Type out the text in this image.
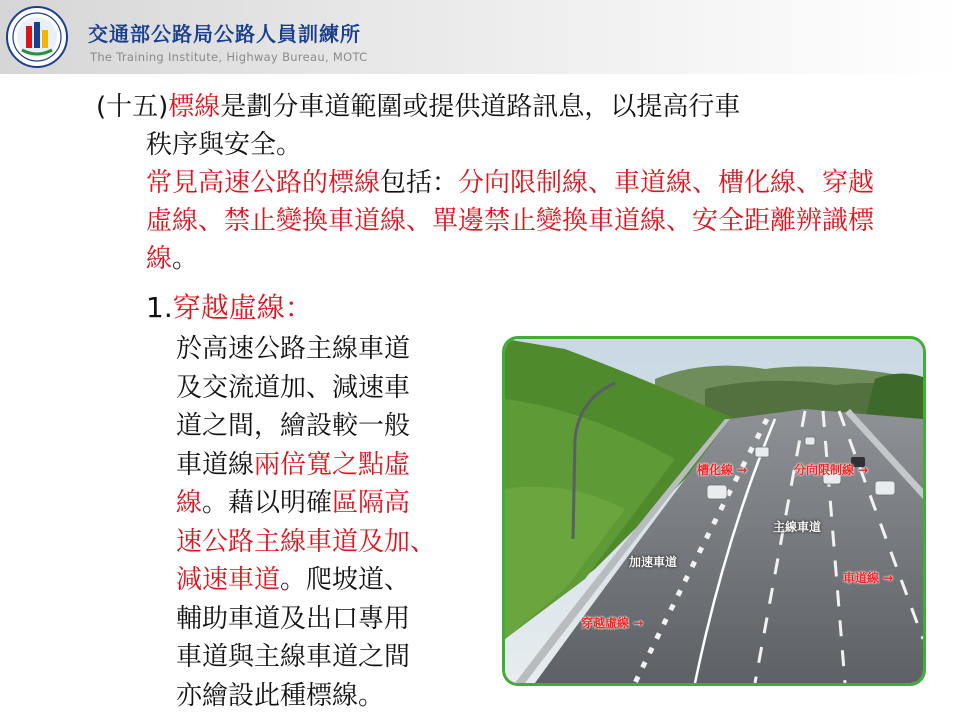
交通部公路局公路人員訓練所
The Training Institute, Highway Bureau, MOTC
(十五)標線是劃分車道範圍或提供道路訊息，以提高行車
秩序與安全。
常見高速公路的標線包括：分向限制線、車道線、槽化線、穿越虛線、禁止變換車道線、單邊禁止變換車道線、安全距離辨識標線。
1.穿越虛線：
於高速公路主線車道
及交流道加、減速車
道之間，繪設較一般
車道線兩倍寬之點虛
線。藉以明確區隔高
速公路主線車道及加、
減速車道。爬坡道、
輔助車道及出口專用
車道與主線車道之間
亦繪設此種標線。
槽化線 →	分向限制線 →
主線車道
加速車道
車道線 →
穿越虛線 →
